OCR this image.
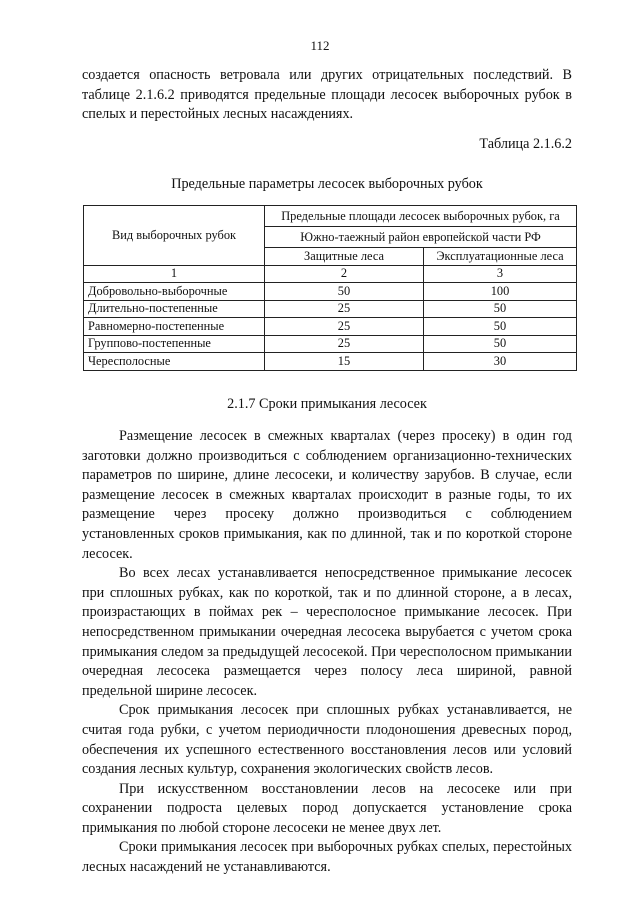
112

создается опасность ветровала или других отрицательных последствий. В таблице 2.1.6.2 приводятся предельные площади лесосек выборочных рубок в спелых и перестойных лесных насаждениях.

Таблица 2.1.6.2
Предельные параметры лесосек выборочных рубок
Вид выборочных рубок	Предельные площади лесосек выборочных рубок, га	
	Южно-таежный район европейской части РФ	
	Защитные леса	Эксплуатационные леса
1	2	3
Добровольно-выборочные	50	100
Длительно-постепенные	25	50
Равномерно-постепенные	25	50
Группово-постепенные	25	50
Чересполосные	15	30
2.1.7 Сроки примыкания лесосек

Размещение лесосек в смежных кварталах (через просеку) в один год заготовки должно производиться с соблюдением организационно-технических параметров по ширине, длине лесосеки, и количеству зарубов. В случае, если размещение лесосек в смежных кварталах происходит в разные годы, то их размещение через просеку должно производиться с соблюдением установленных сроков примыкания, как по длинной, так и по короткой стороне лесосек.

Во всех лесах устанавливается непосредственное примыкание лесосек при сплошных рубках, как по короткой, так и по длинной стороне, а в лесах, произрастающих в поймах рек – чересполосное примыкание лесосек. При непосредственном примыкании очередная лесосека вырубается с учетом срока примыкания следом за предыдущей лесосекой. При чересполосном примыкании очередная лесосека размещается через полосу леса шириной, равной предельной ширине лесосек.

Срок примыкания лесосек при сплошных рубках устанавливается, не считая года рубки, с учетом периодичности плодоношения древесных пород, обеспечения их успешного естественного восстановления лесов или условий создания лесных культур, сохранения экологических свойств лесов.

При искусственном восстановлении лесов на лесосеке или при сохранении подроста целевых пород допускается установление срока примыкания по любой стороне лесосеки не менее двух лет.

Сроки примыкания лесосек при выборочных рубках спелых, перестойных лесных насаждений не устанавливаются.
